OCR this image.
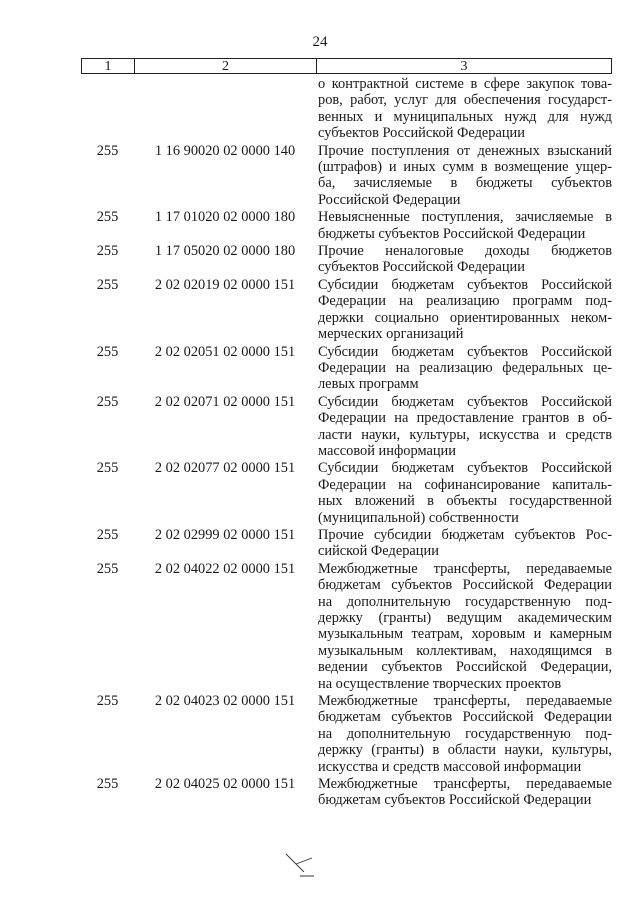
24
1	2	3
о контрактной системе в сфере закупок това-
ров, работ, услуг для обеспечения государст-
венных и муниципальных нужд для нужд
субъектов Российской Федерации
255	1 16 90020 02 0000 140	Прочие поступления от денежных взысканий
(штрафов) и иных сумм в возмещение ущер-
ба, зачисляемые в бюджеты субъектов
Российской Федерации
255	1 17 01020 02 0000 180	Невыясненные поступления, зачисляемые в
бюджеты субъектов Российской Федерации
255	1 17 05020 02 0000 180	Прочие неналоговые доходы бюджетов
субъектов Российской Федерации
255	2 02 02019 02 0000 151	Субсидии бюджетам субъектов Российской
Федерации на реализацию программ под-
держки социально ориентированных неком-
мерческих организаций
255	2 02 02051 02 0000 151	Субсидии бюджетам субъектов Российской
Федерации на реализацию федеральных це-
левых программ
255	2 02 02071 02 0000 151	Субсидии бюджетам субъектов Российской
Федерации на предоставление грантов в об-
ласти науки, культуры, искусства и средств
массовой информации
255	2 02 02077 02 0000 151	Субсидии бюджетам субъектов Российской
Федерации на софинансирование капиталь-
ных вложений в объекты государственной
(муниципальной) собственности
255	2 02 02999 02 0000 151	Прочие субсидии бюджетам субъектов Рос-
сийской Федерации
255	2 02 04022 02 0000 151	Межбюджетные трансферты, передаваемые
бюджетам субъектов Российской Федерации
на дополнительную государственную под-
держку (гранты) ведущим академическим
музыкальным театрам, хоровым и камерным
музыкальным коллективам, находящимся в
ведении субъектов Российской Федерации,
на осуществление творческих проектов
255	2 02 04023 02 0000 151	Межбюджетные трансферты, передаваемые
бюджетам субъектов Российской Федерации
на дополнительную государственную под-
держку (гранты) в области науки, культуры,
искусства и средств массовой информации
255	2 02 04025 02 0000 151	Межбюджетные трансферты, передаваемые
бюджетам субъектов Российской Федерации
